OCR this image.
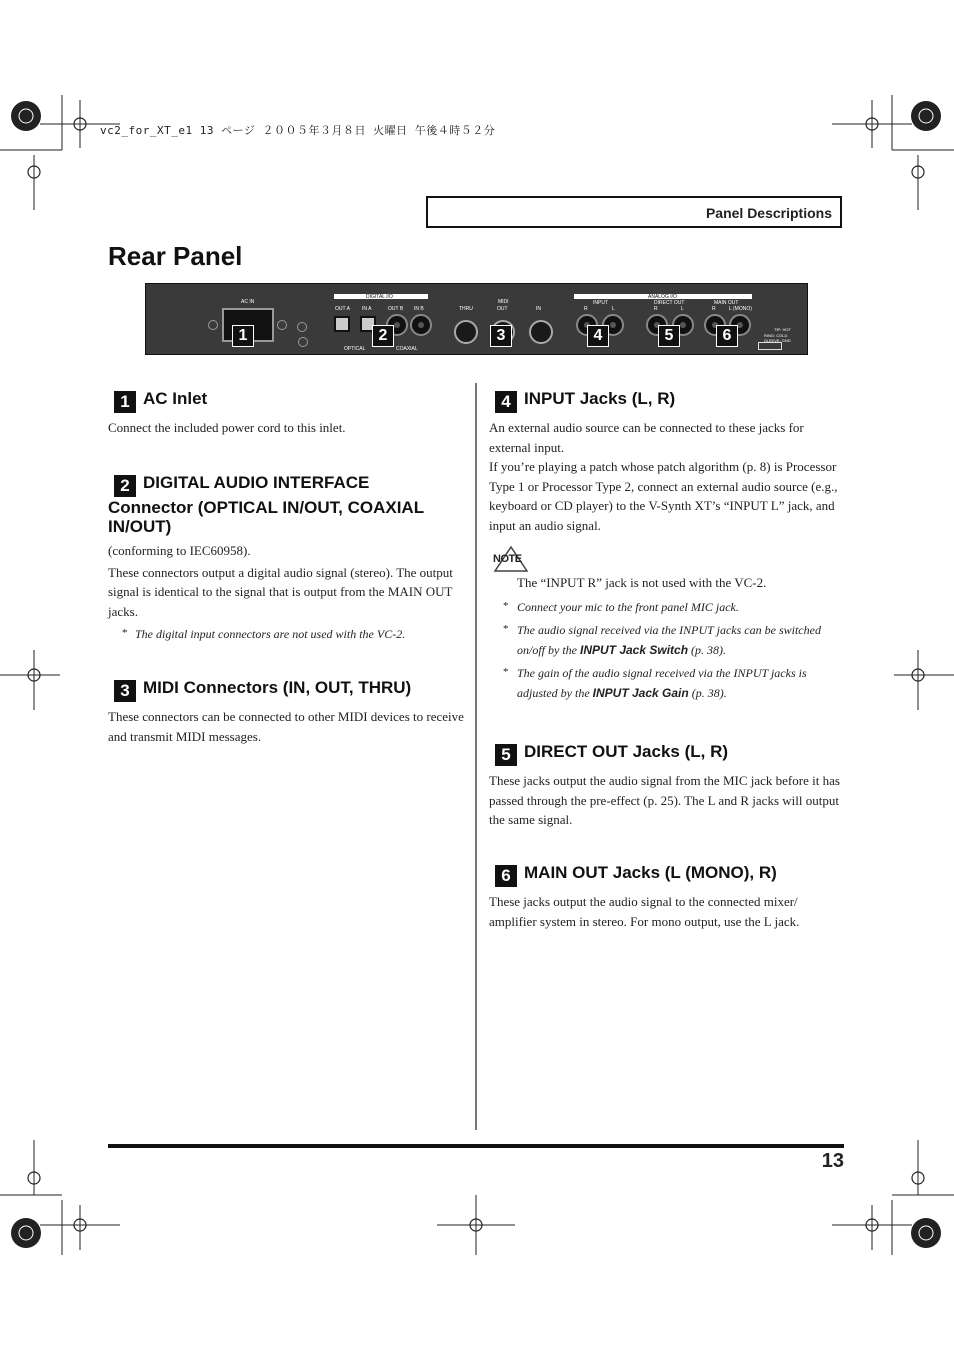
vc2_for_XT_e1 13 ページ ２００５年３月８日 火曜日 午後４時５２分
Panel Descriptions
Rear Panel
AC IN
DIGITAL I/O
OUT A IN A	OUT B IN B
OPTICAL	COAXIAL
MIDI
THRU	OUT	IN
ANALOG I/O
INPUT	DIRECT OUT	MAIN OUT
R	L	R	L	R	L (MONO)
TIP: HOT
RING: COLD
SLEEVE: GND
1	2	3	4	5	6
1 AC Inlet
Connect the included power cord to this inlet.
2 DIGITAL AUDIO INTERFACE
Connector (OPTICAL IN/OUT, COAXIAL
IN/OUT)
(conforming to IEC60958).
These connectors output a digital audio signal (stereo). The output signal is identical to the signal that is output from the MAIN OUT jacks.
* The digital input connectors are not used with the VC-2.
3 MIDI Connectors (IN, OUT, THRU)
These connectors can be connected to other MIDI devices to receive and transmit MIDI messages.
4 INPUT Jacks (L, R)
An external audio source can be connected to these jacks for external input.
If you’re playing a patch whose patch algorithm (p. 8) is Processor Type 1 or Processor Type 2, connect an external audio source (e.g., keyboard or CD player) to the V-Synth XT’s “INPUT L” jack, and input an audio signal.
NOTE
The “INPUT R” jack is not used with the VC-2.
* Connect your mic to the front panel MIC jack.
* The audio signal received via the INPUT jacks can be switched on/off by the INPUT Jack Switch (p. 38).
* The gain of the audio signal received via the INPUT jacks is adjusted by the INPUT Jack Gain (p. 38).
5 DIRECT OUT Jacks (L, R)
These jacks output the audio signal from the MIC jack before it has passed through the pre-effect (p. 25). The L and R jacks will output the same signal.
6 MAIN OUT Jacks (L (MONO), R)
These jacks output the audio signal to the connected mixer/ amplifier system in stereo. For mono output, use the L jack.
13
